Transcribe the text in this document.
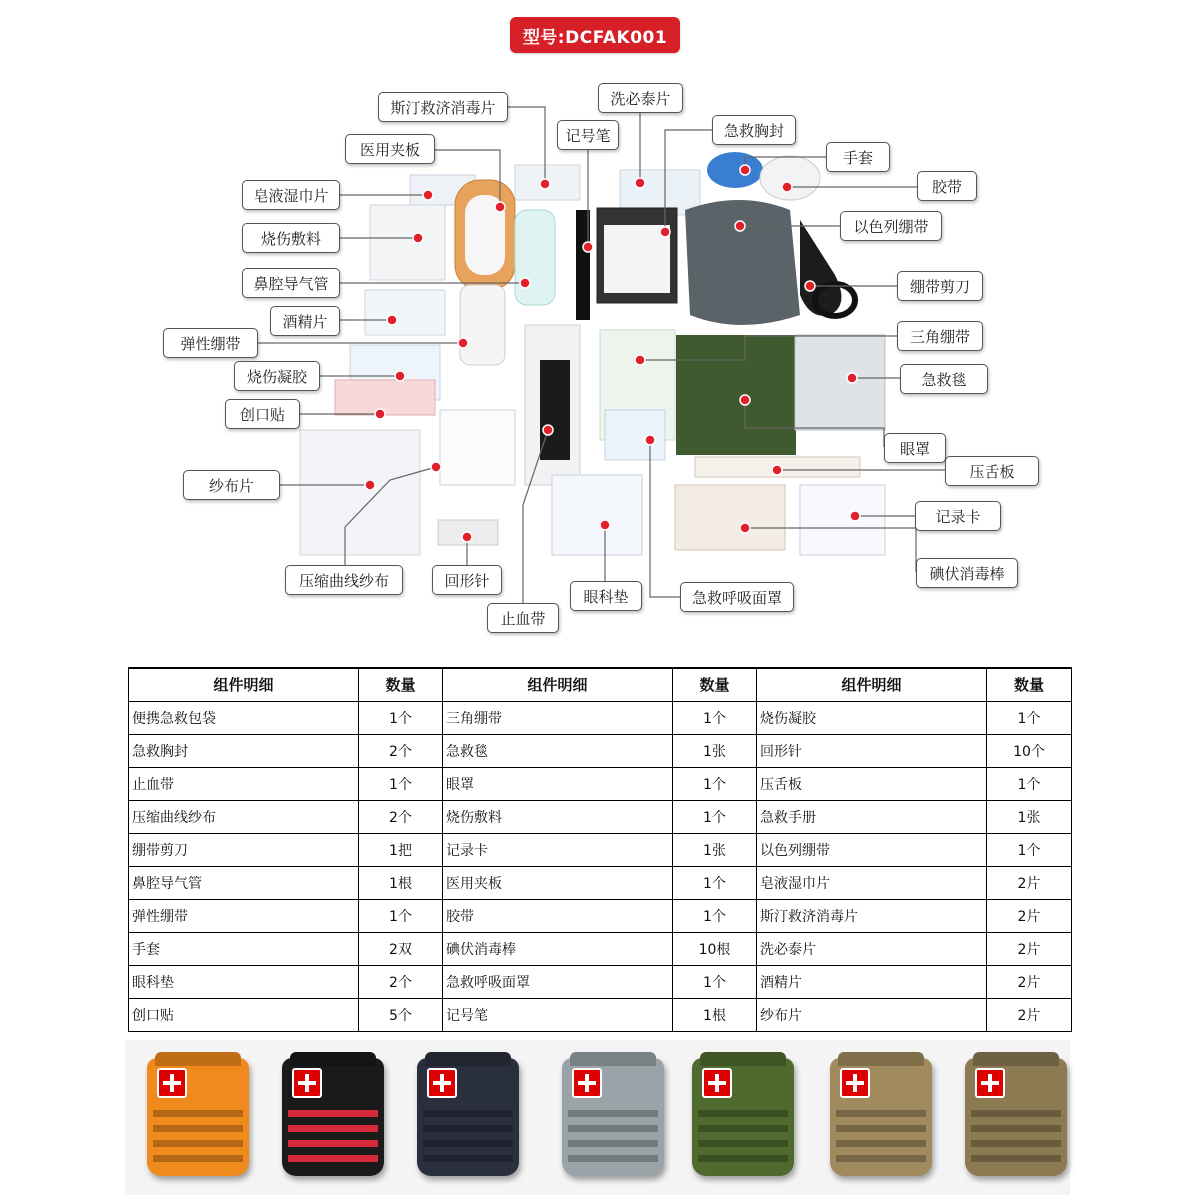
型号:DCFAK001
斯汀救济消毒片	洗必泰片
记号笔	急救胸封
医用夹板	手套
皂液湿巾片	胶带
烧伤敷料
以色列绷带
鼻腔导气管	绷带剪刀
酒精片
弹性绷带	三角绷带
烧伤凝胶	急救毯
创口贴
眼罩
压舌板
纱布片
记录卡
碘伏消毒棒
压缩曲线纱布	回形针
眼科垫	急救呼吸面罩
止血带
组件明细	数量	组件明细	数量	组件明细	数量
便携急救包袋	1个	三角绷带	1个	烧伤凝胶	1个
急救胸封	2个	急救毯	1张	回形针	10个
止血带	1个	眼罩	1个	压舌板	1个
压缩曲线纱布	2个	烧伤敷料	1个	急救手册	1张
绷带剪刀	1把	记录卡	1张	以色列绷带	1个
鼻腔导气管	1根	医用夹板	1个	皂液湿巾片	2片
弹性绷带	1个	胶带	1个	斯汀救济消毒片	2片
手套	2双	碘伏消毒棒	10根	洗必泰片	2片
眼科垫	2个	急救呼吸面罩	1个	酒精片	2片
创口贴	5个	记号笔	1根	纱布片	2片
